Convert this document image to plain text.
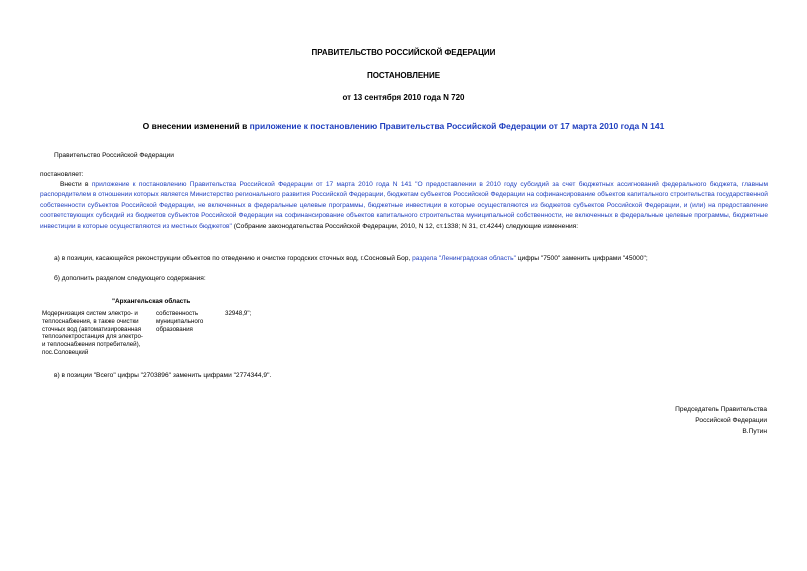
ПРАВИТЕЛЬСТВО РОССИЙСКОЙ ФЕДЕРАЦИИ
ПОСТАНОВЛЕНИЕ
от 13 сентября 2010 года N 720
О внесении изменений в приложение к постановлению Правительства Российской Федерации от 17 марта 2010 года N 141
Правительство Российской Федерации
постановляет:
Внести в приложение к постановлению Правительства Российской Федерации от 17 марта 2010 года N 141 "О предоставлении в 2010 году субсидий за счет бюджетных ассигнований федерального бюджета, главным распорядителем в отношении которых является Министерство регионального развития Российской Федерации, бюджетам субъектов Российской Федерации на софинансирование объектов капитального строительства государственной собственности субъектов Российской Федерации, не включенных в федеральные целевые программы, бюджетные инвестиции в которые осуществляются из бюджетов субъектов Российской Федерации, и (или) на предоставление соответствующих субсидий из бюджетов субъектов Российской Федерации на софинансирование объектов капитального строительства муниципальной собственности, не включенных в федеральные целевые программы, бюджетные инвестиции в которые осуществляются из местных бюджетов" (Собрание законодательства Российской Федерации, 2010, N 12, ст.1338; N 31, ст.4244) следующие изменения:
а) в позиции, касающейся реконструкции объектов по отведению и очистке городских сточных вод, г.Сосновый Бор, раздела "Ленинградская область" цифры "7500" заменить цифрами "45000";
б) дополнить разделом следующего содержания:
"Архангельская область
Модернизация систем электро- и теплоснабжения, в также очистки сточных вод (автоматизированная теплоэлектростанция для электро- и теплоснабжения потребителей), пос.Соловецкий
собственность муниципального образования
32948,9";
в) в позиции "Всего" цифры "2703896" заменить цифрами "2774344,9".
Председатель Правительства
Российской Федерации
В.Путин
